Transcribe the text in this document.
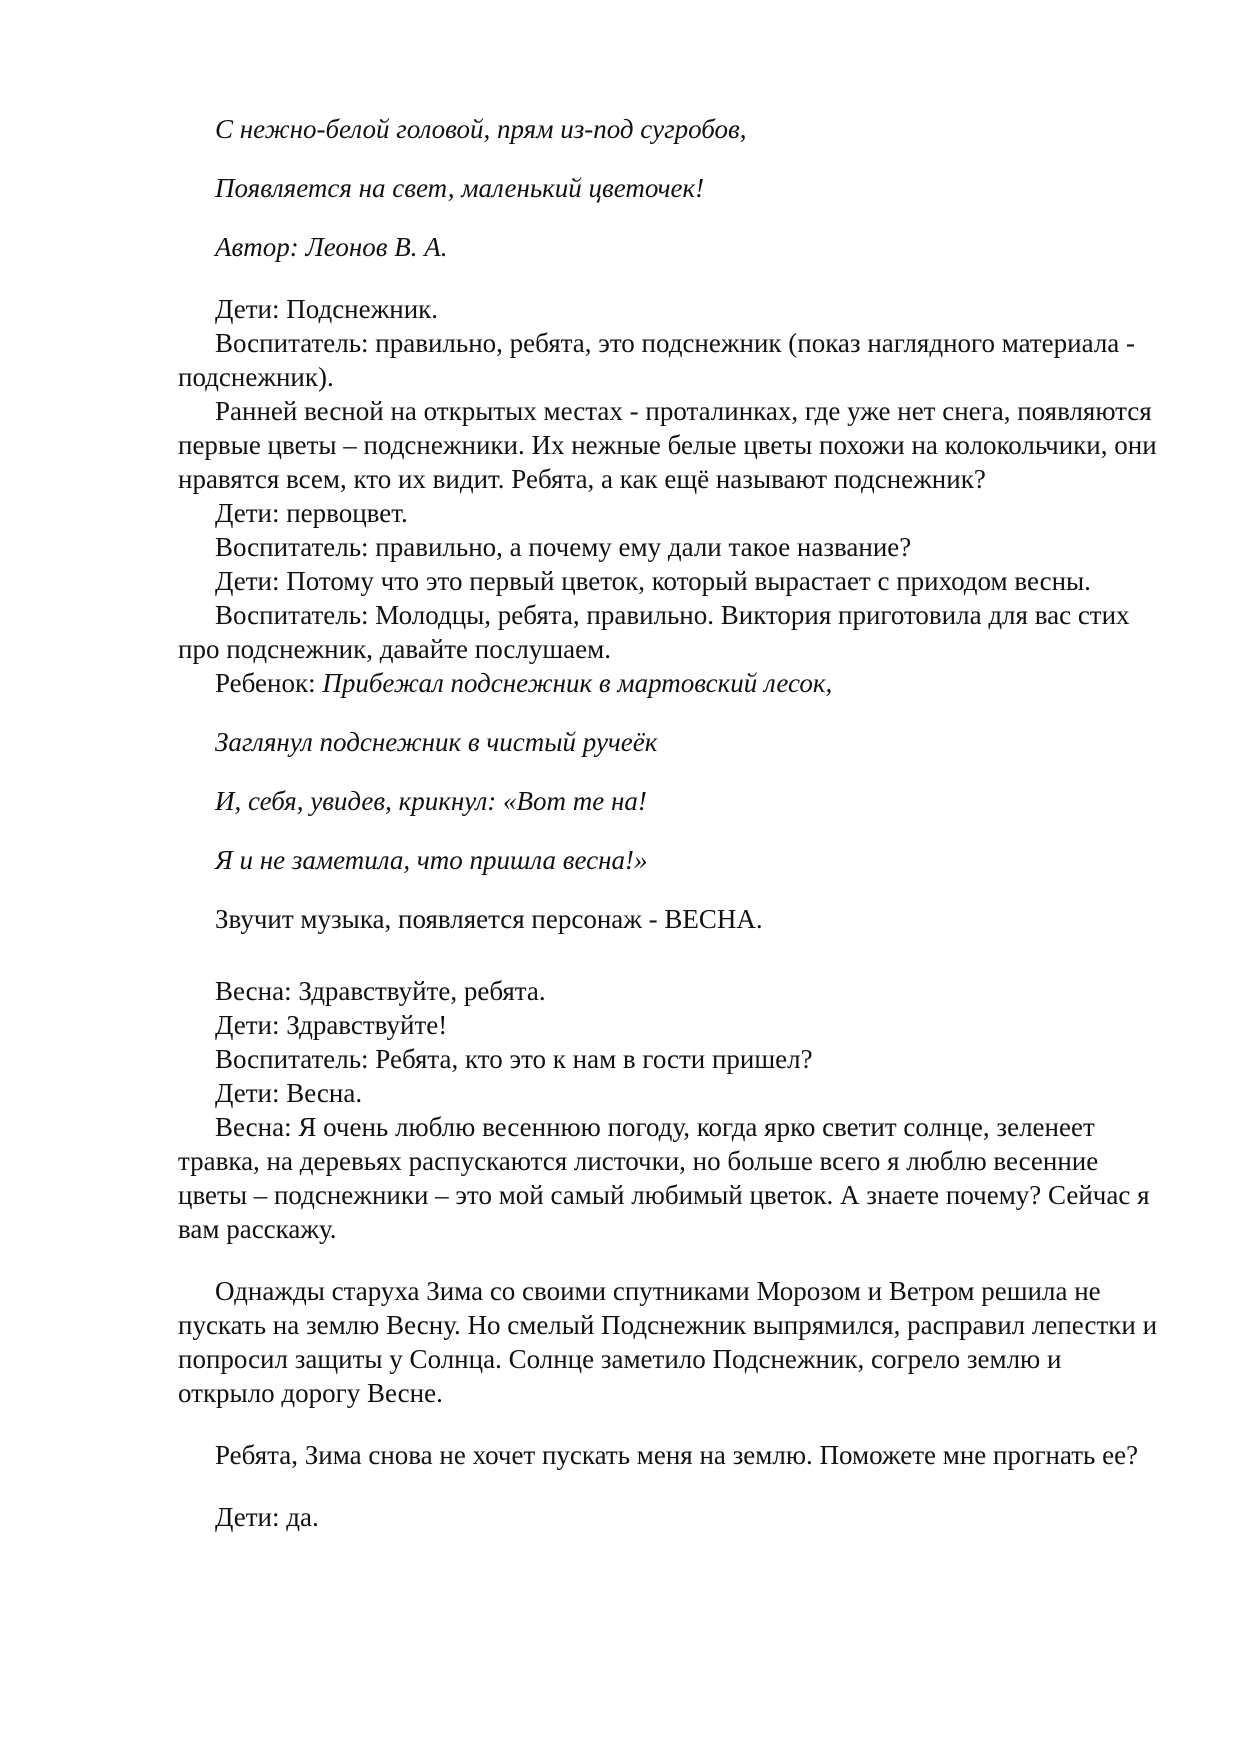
С нежно-белой головой, прям из-под сугробов,

Появляется на свет, маленький цветочек!

Автор: Леонов В. А.

Дети: Подснежник.

Воспитатель: правильно, ребята, это подснежник (показ наглядного материала - подснежник).

Ранней весной на открытых местах - проталинках, где уже нет снега, появляются первые цветы – подснежники. Их нежные белые цветы похожи на колокольчики, они нравятся всем, кто их видит. Ребята, а как ещё называют подснежник?

Дети: первоцвет.

Воспитатель: правильно, а почему ему дали такое название?

Дети: Потому что это первый цветок, который вырастает с приходом весны.

Воспитатель: Молодцы, ребята, правильно. Виктория приготовила для вас стих про подснежник, давайте послушаем.

Ребенок: Прибежал подснежник в мартовский лесок,

Заглянул подснежник в чистый ручеёк

И, себя, увидев, крикнул: «Вот те на!

Я и не заметила, что пришла весна!»

Звучит музыка, появляется персонаж - ВЕСНА.

Весна: Здравствуйте, ребята.

Дети: Здравствуйте!

Воспитатель: Ребята, кто это к нам в гости пришел?

Дети: Весна.

Весна: Я очень люблю весеннюю погоду, когда ярко светит солнце, зеленеет травка, на деревьях распускаются листочки, но больше всего я люблю весенние цветы – подснежники – это мой самый любимый цветок. А знаете почему? Сейчас я вам расскажу.

Однажды старуха Зима со своими спутниками Морозом и Ветром решила не пускать на землю Весну. Но смелый Подснежник выпрямился, расправил лепестки и попросил защиты у Солнца. Солнце заметило Подснежник, согрело землю и открыло дорогу Весне.

Ребята, Зима снова не хочет пускать меня на землю. Поможете мне прогнать ее?

Дети: да.
